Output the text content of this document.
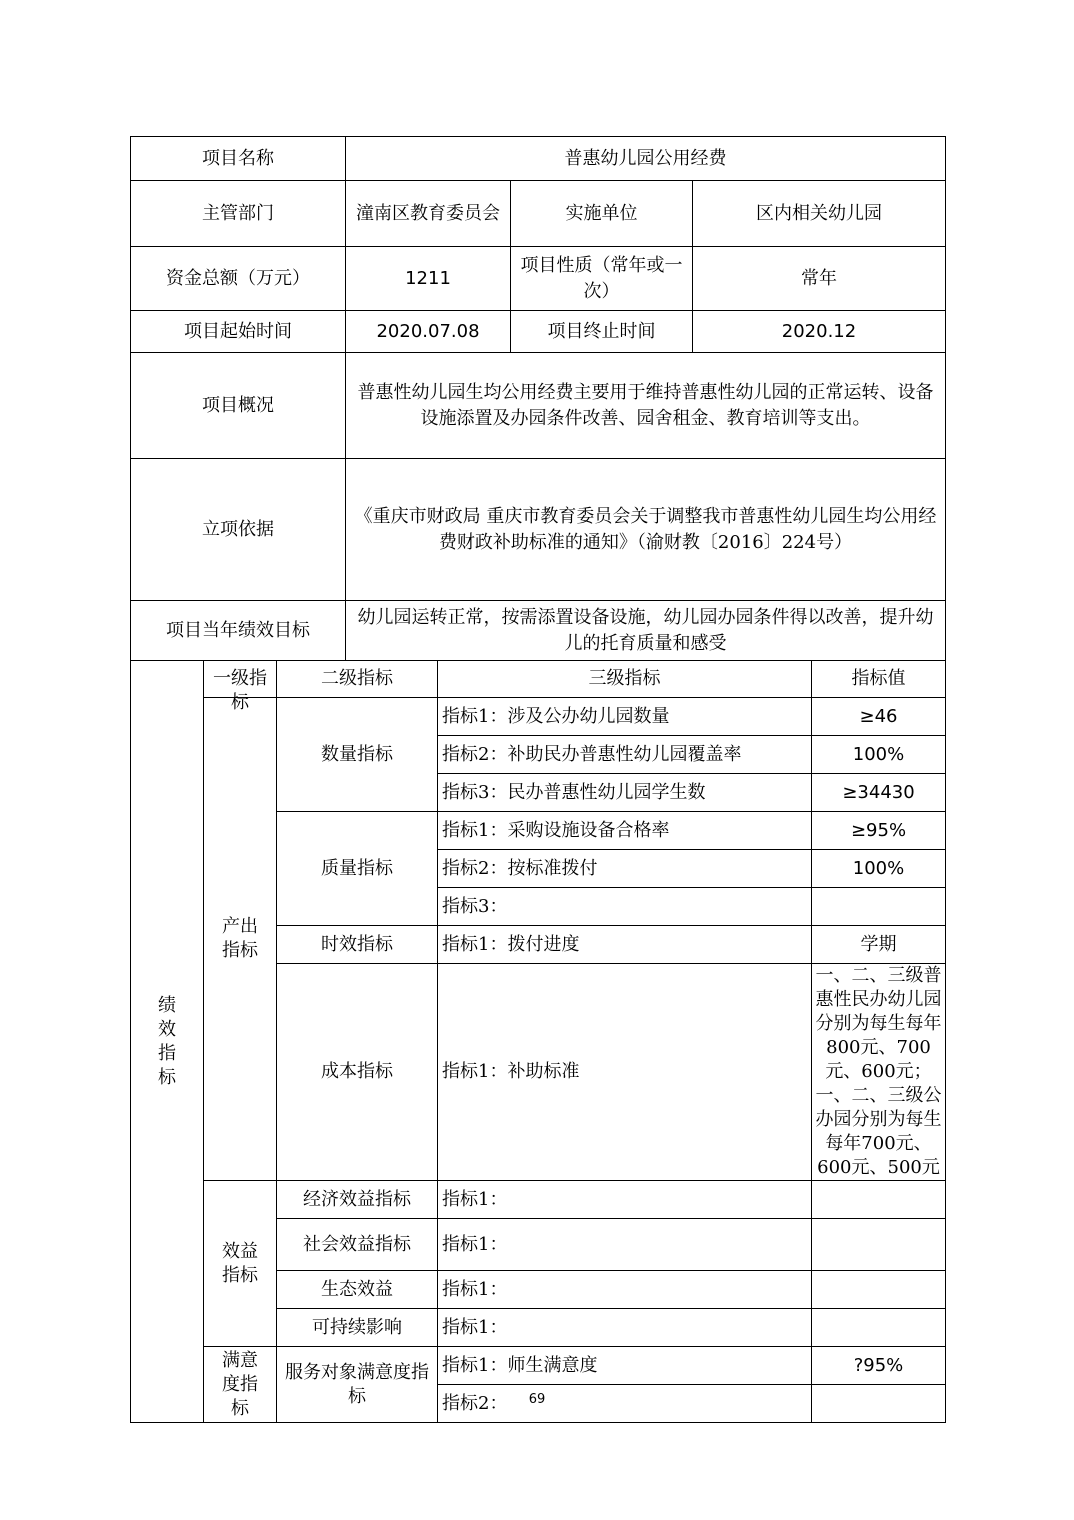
项目名称	普惠幼儿园公用经费		
主管部门	潼南区教育委员会	实施单位	区内相关幼儿园
资金总额（万元）	1211	项目性质（常年或一次）	常年
项目起始时间	2020.07.08	项目终止时间	2020.12
项目概况	普惠性幼儿园生均公用经费主要用于维持普惠性幼儿园的正常运转、设备设施添置及办园条件改善、园舍租金、教育培训等支出。		
立项依据	《重庆市财政局 重庆市教育委员会关于调整我市普惠性幼儿园生均公用经费财政补助标准的通知》（渝财教〔2016〕224号）		
项目当年绩效目标	幼儿园运转正常，按需添置设备设施，幼儿园办园条件得以改善，提升幼儿的托育质量和感受		
绩效指标	一级指标	二级指标	三级指标	指标值

	产出指标	数量指标	指标1：涉及公办幼儿园数量	≥46
			指标2：补助民办普惠性幼儿园覆盖率	100%
			指标3：民办普惠性幼儿园学生数	≥34430
		质量指标	指标1：采购设施设备合格率	≥95%
			指标2：按标准拨付	100%
			指标3：	
		时效指标	指标1：拨付进度	学期
		成本指标	指标1：补助标准	一、二、三级普惠性民办幼儿园分别为每生每年800元、700元、600元；一、二、三级公办园分别为每生每年700元、600元、500元

	效益指标	经济效益指标	指标1：	
		社会效益指标	指标1：	
		生态效益	指标1：	
		可持续影响	指标1：	

	满意度指标	服务对象满意度指标	指标1：师生满意度	?95%
			指标2：		69
